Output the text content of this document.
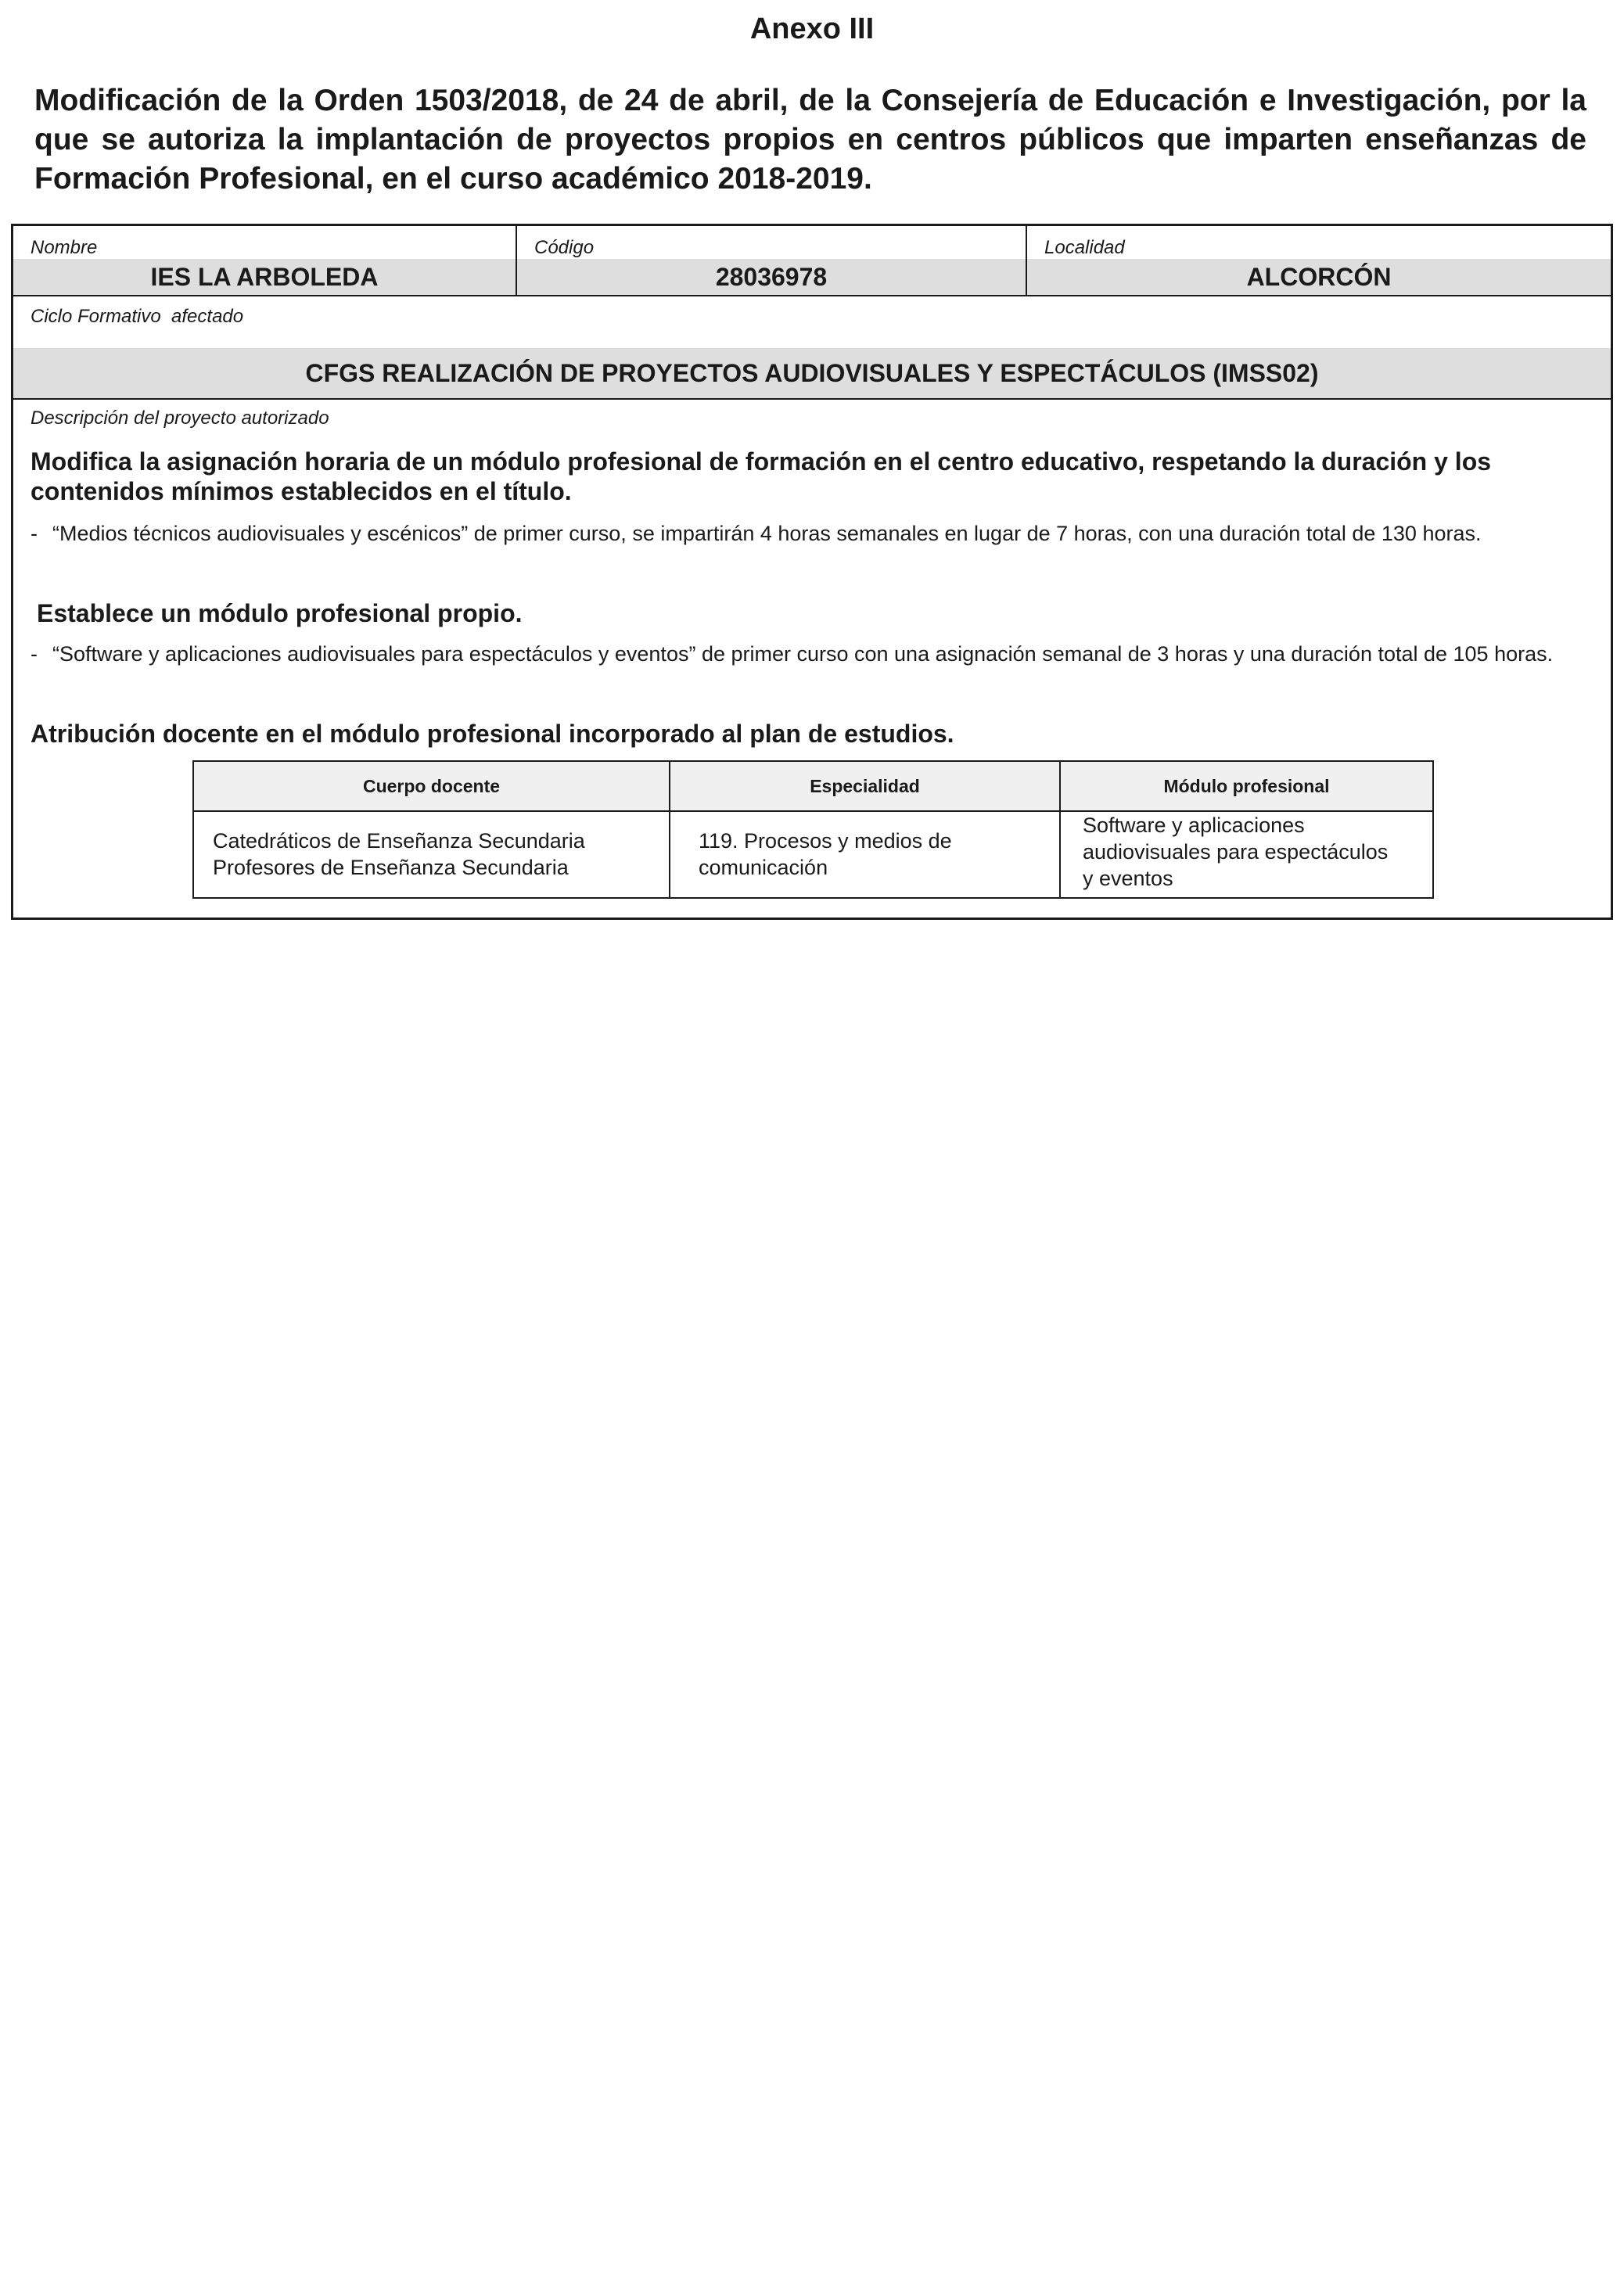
Anexo III
Modificación de la Orden 1503/2018, de 24 de abril, de la Consejería de Educación e Investigación, por la que se autoriza la implantación de proyectos propios en centros públicos que imparten enseñanzas de Formación Profesional, en el curso académico 2018-2019.
Nombre
IES LA ARBOLEDA
Código
28036978
Localidad
ALCORCÓN
Ciclo Formativo  afectado
CFGS REALIZACIÓN DE PROYECTOS AUDIOVISUALES Y ESPECTÁCULOS (IMSS02)
Descripción del proyecto autorizado
Modifica la asignación horaria de un módulo profesional de formación en el centro educativo, respetando la duración y los contenidos mínimos establecidos en el título.
- “Medios técnicos audiovisuales y escénicos” de primer curso, se impartirán 4 horas semanales en lugar de 7 horas, con una duración total de 130 horas.
Establece un módulo profesional propio.
- “Software y aplicaciones audiovisuales para espectáculos y eventos” de primer curso con una asignación semanal de 3 horas y una duración total de 105 horas.
Atribución docente en el módulo profesional incorporado al plan de estudios.
Cuerpo docente	Especialidad	Módulo profesional
Catedráticos de Enseñanza Secundaria
Profesores de Enseñanza Secundaria
119. Procesos y medios de
comunicación
Software y aplicaciones
audiovisuales para espectáculos
y eventos
